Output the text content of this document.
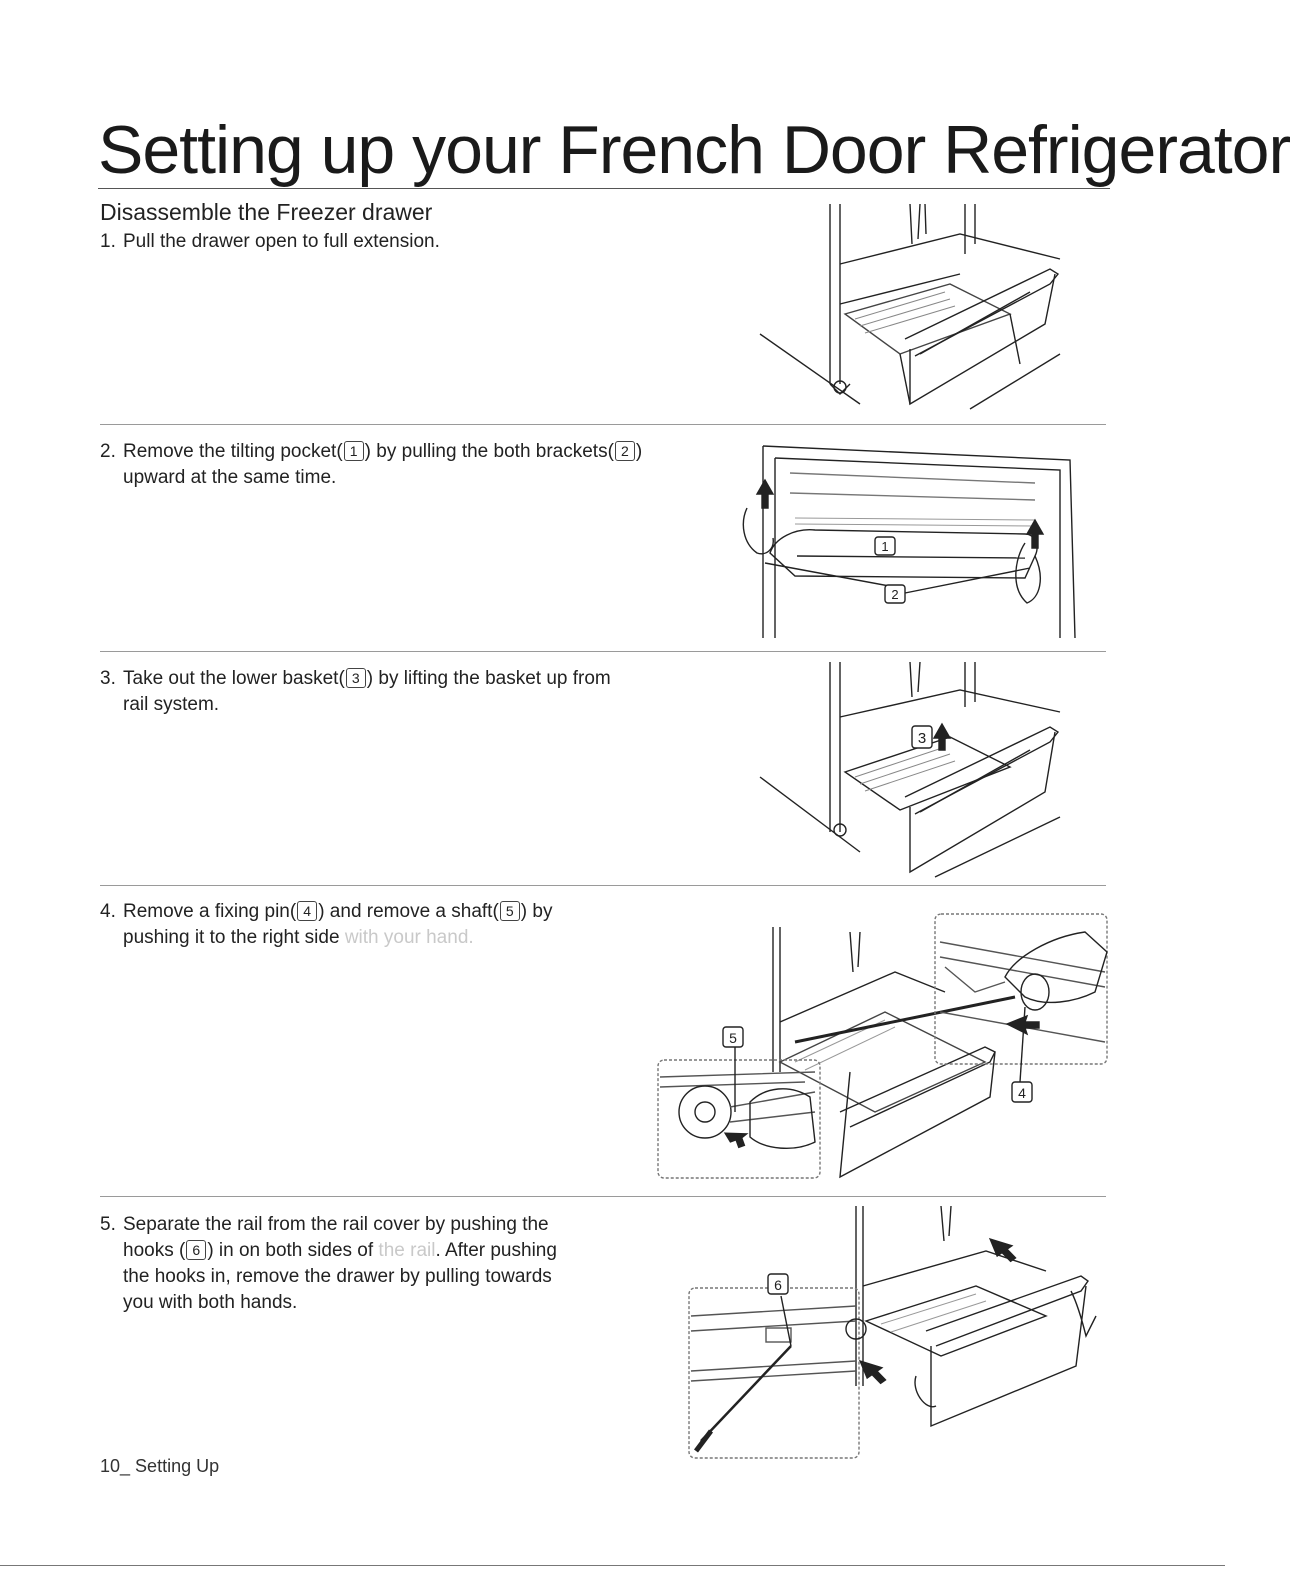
Setting up your French Door Refrigerator
Disassemble the Freezer drawer
1. Pull the drawer open to full extension.
2. Remove the tilting pocket( 1 ) by pulling the both brackets( 2 )
upward at the same time.
3. Take out the lower basket( 3 ) by lifting the basket up from
rail system.
4. Remove a fixing pin( 4 ) and remove a shaft( 5 ) by
pushing it to the right side with your hand.
5. Separate the rail from the rail cover by pushing the
hooks ( 6 ) in on both sides of the rail. After pushing
the hooks in, remove the drawer by pulling towards
you with both hands.
1
2
3
5
4
6
10_ Setting Up
